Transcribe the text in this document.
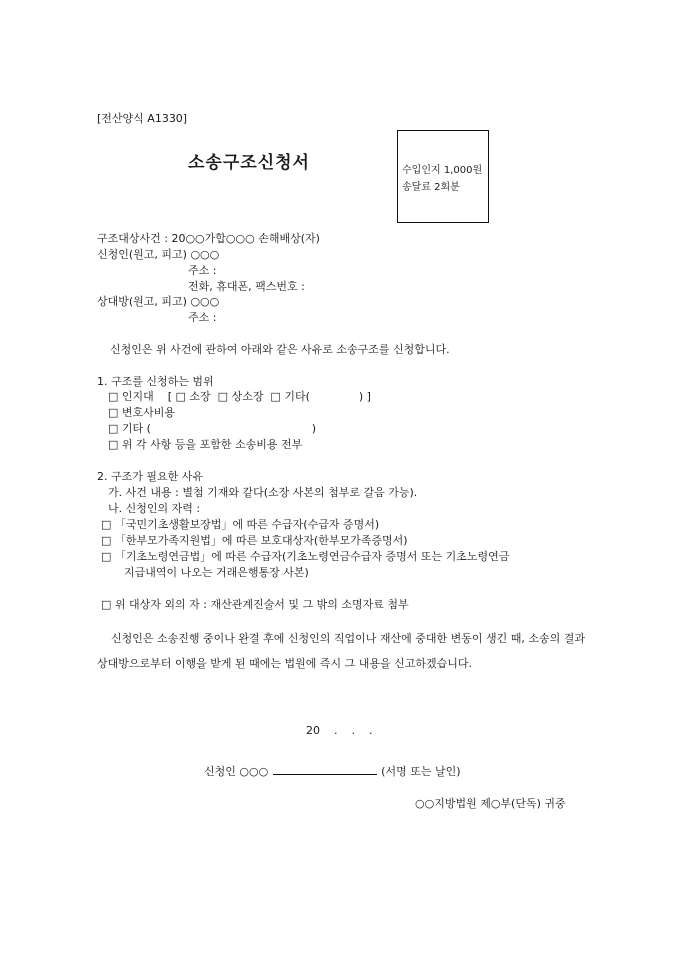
[전산양식 A1330]
소송구조신청서	수입인지 1,000원
송달료 2회분
구조대상사건 : 20○○가합○○○ 손해배상(자)
신청인(원고, 피고) ○○○
주소 :
전화, 휴대폰, 팩스번호 :
상대방(원고, 피고) ○○○
주소 :
신청인은 위 사건에 관하여 아래와 같은 사유로 소송구조를 신청합니다.
1. 구조를 신청하는 범위
□ 인지대    [ □ 소장  □ 상소장  □ 기타(              ) ]
□ 변호사비용
□ 기타 (                                              )
□ 위 각 사항 등을 포함한 소송비용 전부
2. 구조가 필요한 사유
가. 사건 내용 : 별첨 기재와 같다(소장 사본의 첨부로 갈음 가능).
나. 신청인의 자력 :
□ 「국민기초생활보장법」에 따른 수급자(수급자 증명서)
□ 「한부모가족지원법」에 따른 보호대상자(한부모가족증명서)
□ 「기초노령연금법」에 따른 수급자(기초노령연금수급자 증명서 또는 기초노령연금
지급내역이 나오는 거래은행통장 사본)
□ 위 대상자 외의 자 : 재산관계진술서 및 그 밖의 소명자료 첨부
신청인은 소송진행 중이나 완결 후에 신청인의 직업이나 재산에 중대한 변동이 생긴 때, 소송의 결과 상대방으로부터 이행을 받게 된 때에는 법원에 즉시 그 내용을 신고하겠습니다.
20    .    .    .
신청인 ○○○	(서명 또는 날인)
○○지방법원 제○부(단독) 귀중
